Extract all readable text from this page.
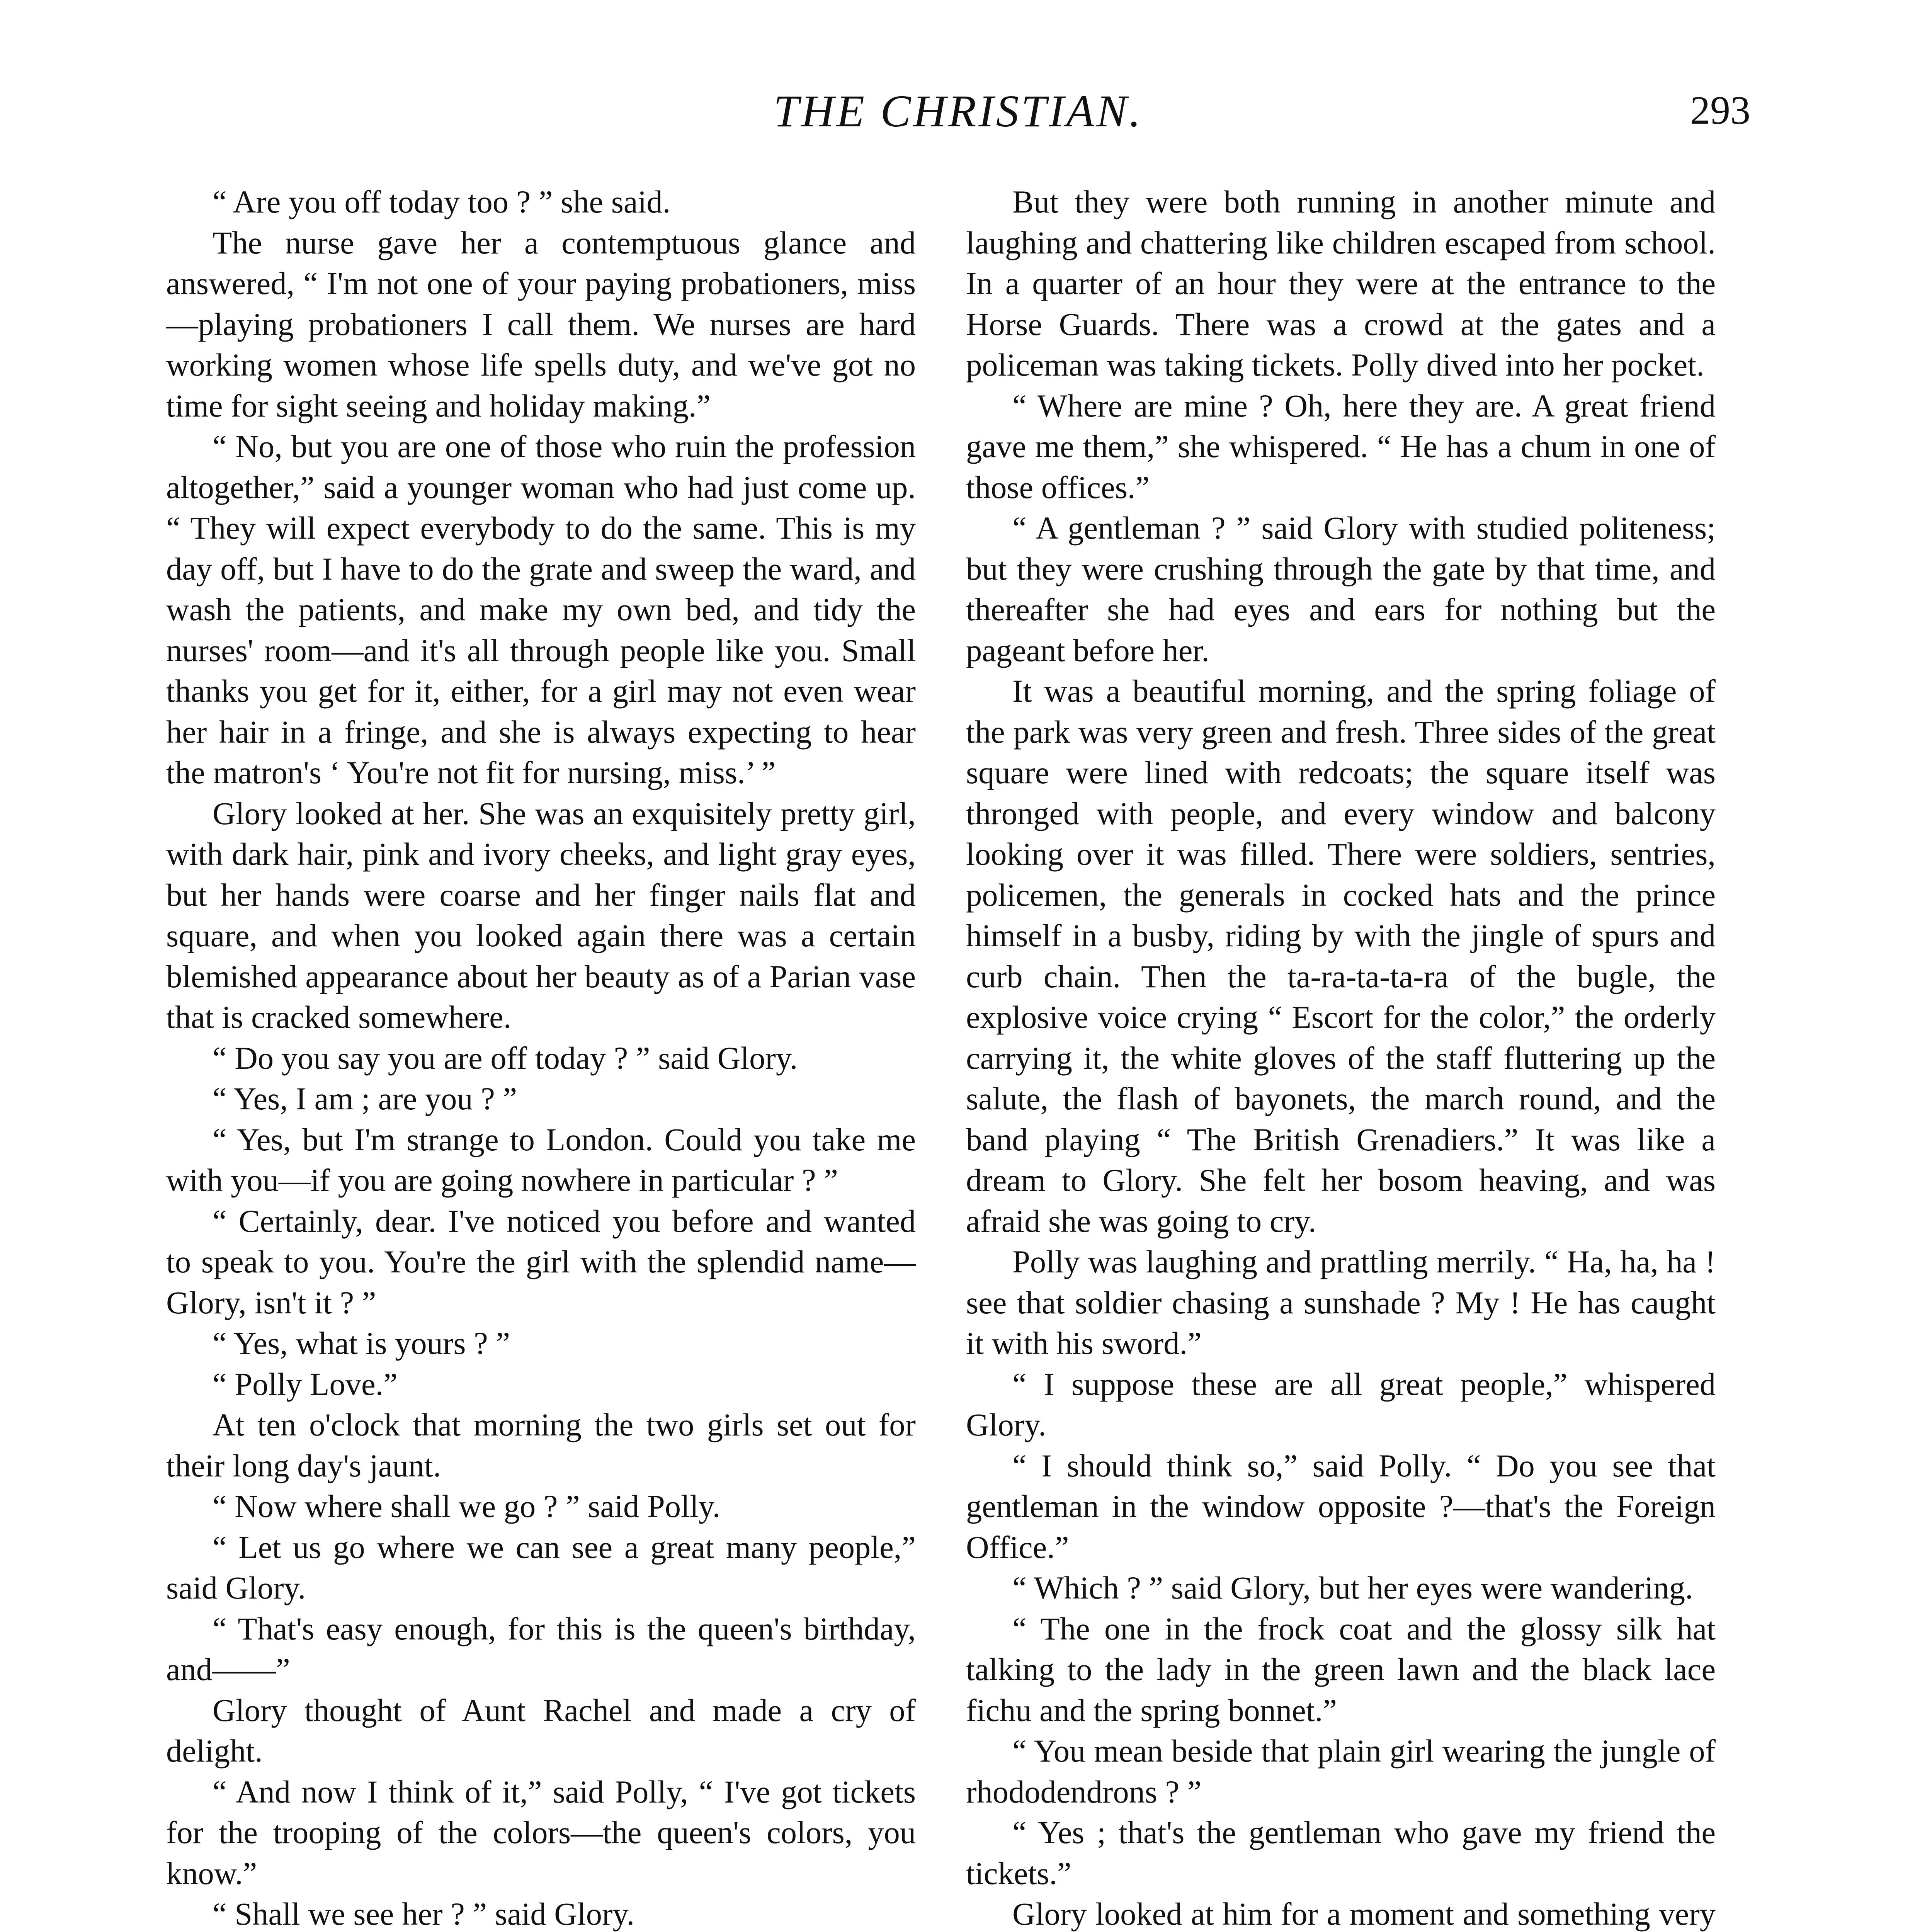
THE CHRISTIAN.	293

“ Are you off today too ? ” she said.

The nurse gave her a contemptuous glance and answered, “ I'm not one of your paying probationers, miss—playing probationers I call them. We nurses are hard working women whose life spells duty, and we've got no time for sight seeing and holiday making.”

“ No, but you are one of those who ruin the profession altogether,” said a younger woman who had just come up. “ They will expect everybody to do the same. This is my day off, but I have to do the grate and sweep the ward, and wash the patients, and make my own bed, and tidy the nurses' room—and it's all through people like you. Small thanks you get for it, either, for a girl may not even wear her hair in a fringe, and she is always expecting to hear the matron's ‘ You're not fit for nursing, miss.’ ”

Glory looked at her. She was an exquisitely pretty girl, with dark hair, pink and ivory cheeks, and light gray eyes, but her hands were coarse and her finger nails flat and square, and when you looked again there was a certain blemished appearance about her beauty as of a Parian vase that is cracked somewhere.

“ Do you say you are off today ? ” said Glory.

“ Yes, I am ; are you ? ”

“ Yes, but I'm strange to London. Could you take me with you—if you are going nowhere in particular ? ”

“ Certainly, dear. I've noticed you before and wanted to speak to you. You're the girl with the splendid name—Glory, isn't it ? ”

“ Yes, what is yours ? ”

“ Polly Love.”

At ten o'clock that morning the two girls set out for their long day's jaunt.

“ Now where shall we go ? ” said Polly.

“ Let us go where we can see a great many people,” said Glory.

“ That's easy enough, for this is the queen's birthday, and——”

Glory thought of Aunt Rachel and made a cry of delight.

“ And now I think of it,” said Polly, “ I've got tickets for the trooping of the colors—the queen's colors, you know.”

“ Shall we see her ? ” said Glory.

But they were both running in another minute and laughing and chattering like children escaped from school. In a quarter of an hour they were at the entrance to the Horse Guards. There was a crowd at the gates and a policeman was taking tickets. Polly dived into her pocket.

“ Where are mine ? Oh, here they are. A great friend gave me them,” she whispered. “ He has a chum in one of those offices.”

“ A gentleman ? ” said Glory with studied politeness; but they were crushing through the gate by that time, and thereafter she had eyes and ears for nothing but the pageant before her.

It was a beautiful morning, and the spring foliage of the park was very green and fresh. Three sides of the great square were lined with redcoats; the square itself was thronged with people, and every window and balcony looking over it was filled. There were soldiers, sentries, policemen, the generals in cocked hats and the prince himself in a busby, riding by with the jingle of spurs and curb chain. Then the ta-ra-ta-ta-ra of the bugle, the explosive voice crying “ Escort for the color,” the orderly carrying it, the white gloves of the staff fluttering up the salute, the flash of bayonets, the march round, and the band playing “ The British Grenadiers.” It was like a dream to Glory. She felt her bosom heaving, and was afraid she was going to cry.

Polly was laughing and prattling merrily. “ Ha, ha, ha ! see that soldier chasing a sunshade ? My ! He has caught it with his sword.”

“ I suppose these are all great people,” whispered Glory.

“ I should think so,” said Polly. “ Do you see that gentleman in the window opposite ?—that's the Foreign Office.”

“ Which ? ” said Glory, but her eyes were wandering.

“ The one in the frock coat and the glossy silk hat talking to the lady in the green lawn and the black lace fichu and the spring bonnet.”

“ You mean beside that plain girl wearing the jungle of rhododendrons ? ”

“ Yes ; that's the gentleman who gave my friend the tickets.”

Glory looked at him for a moment and something very
